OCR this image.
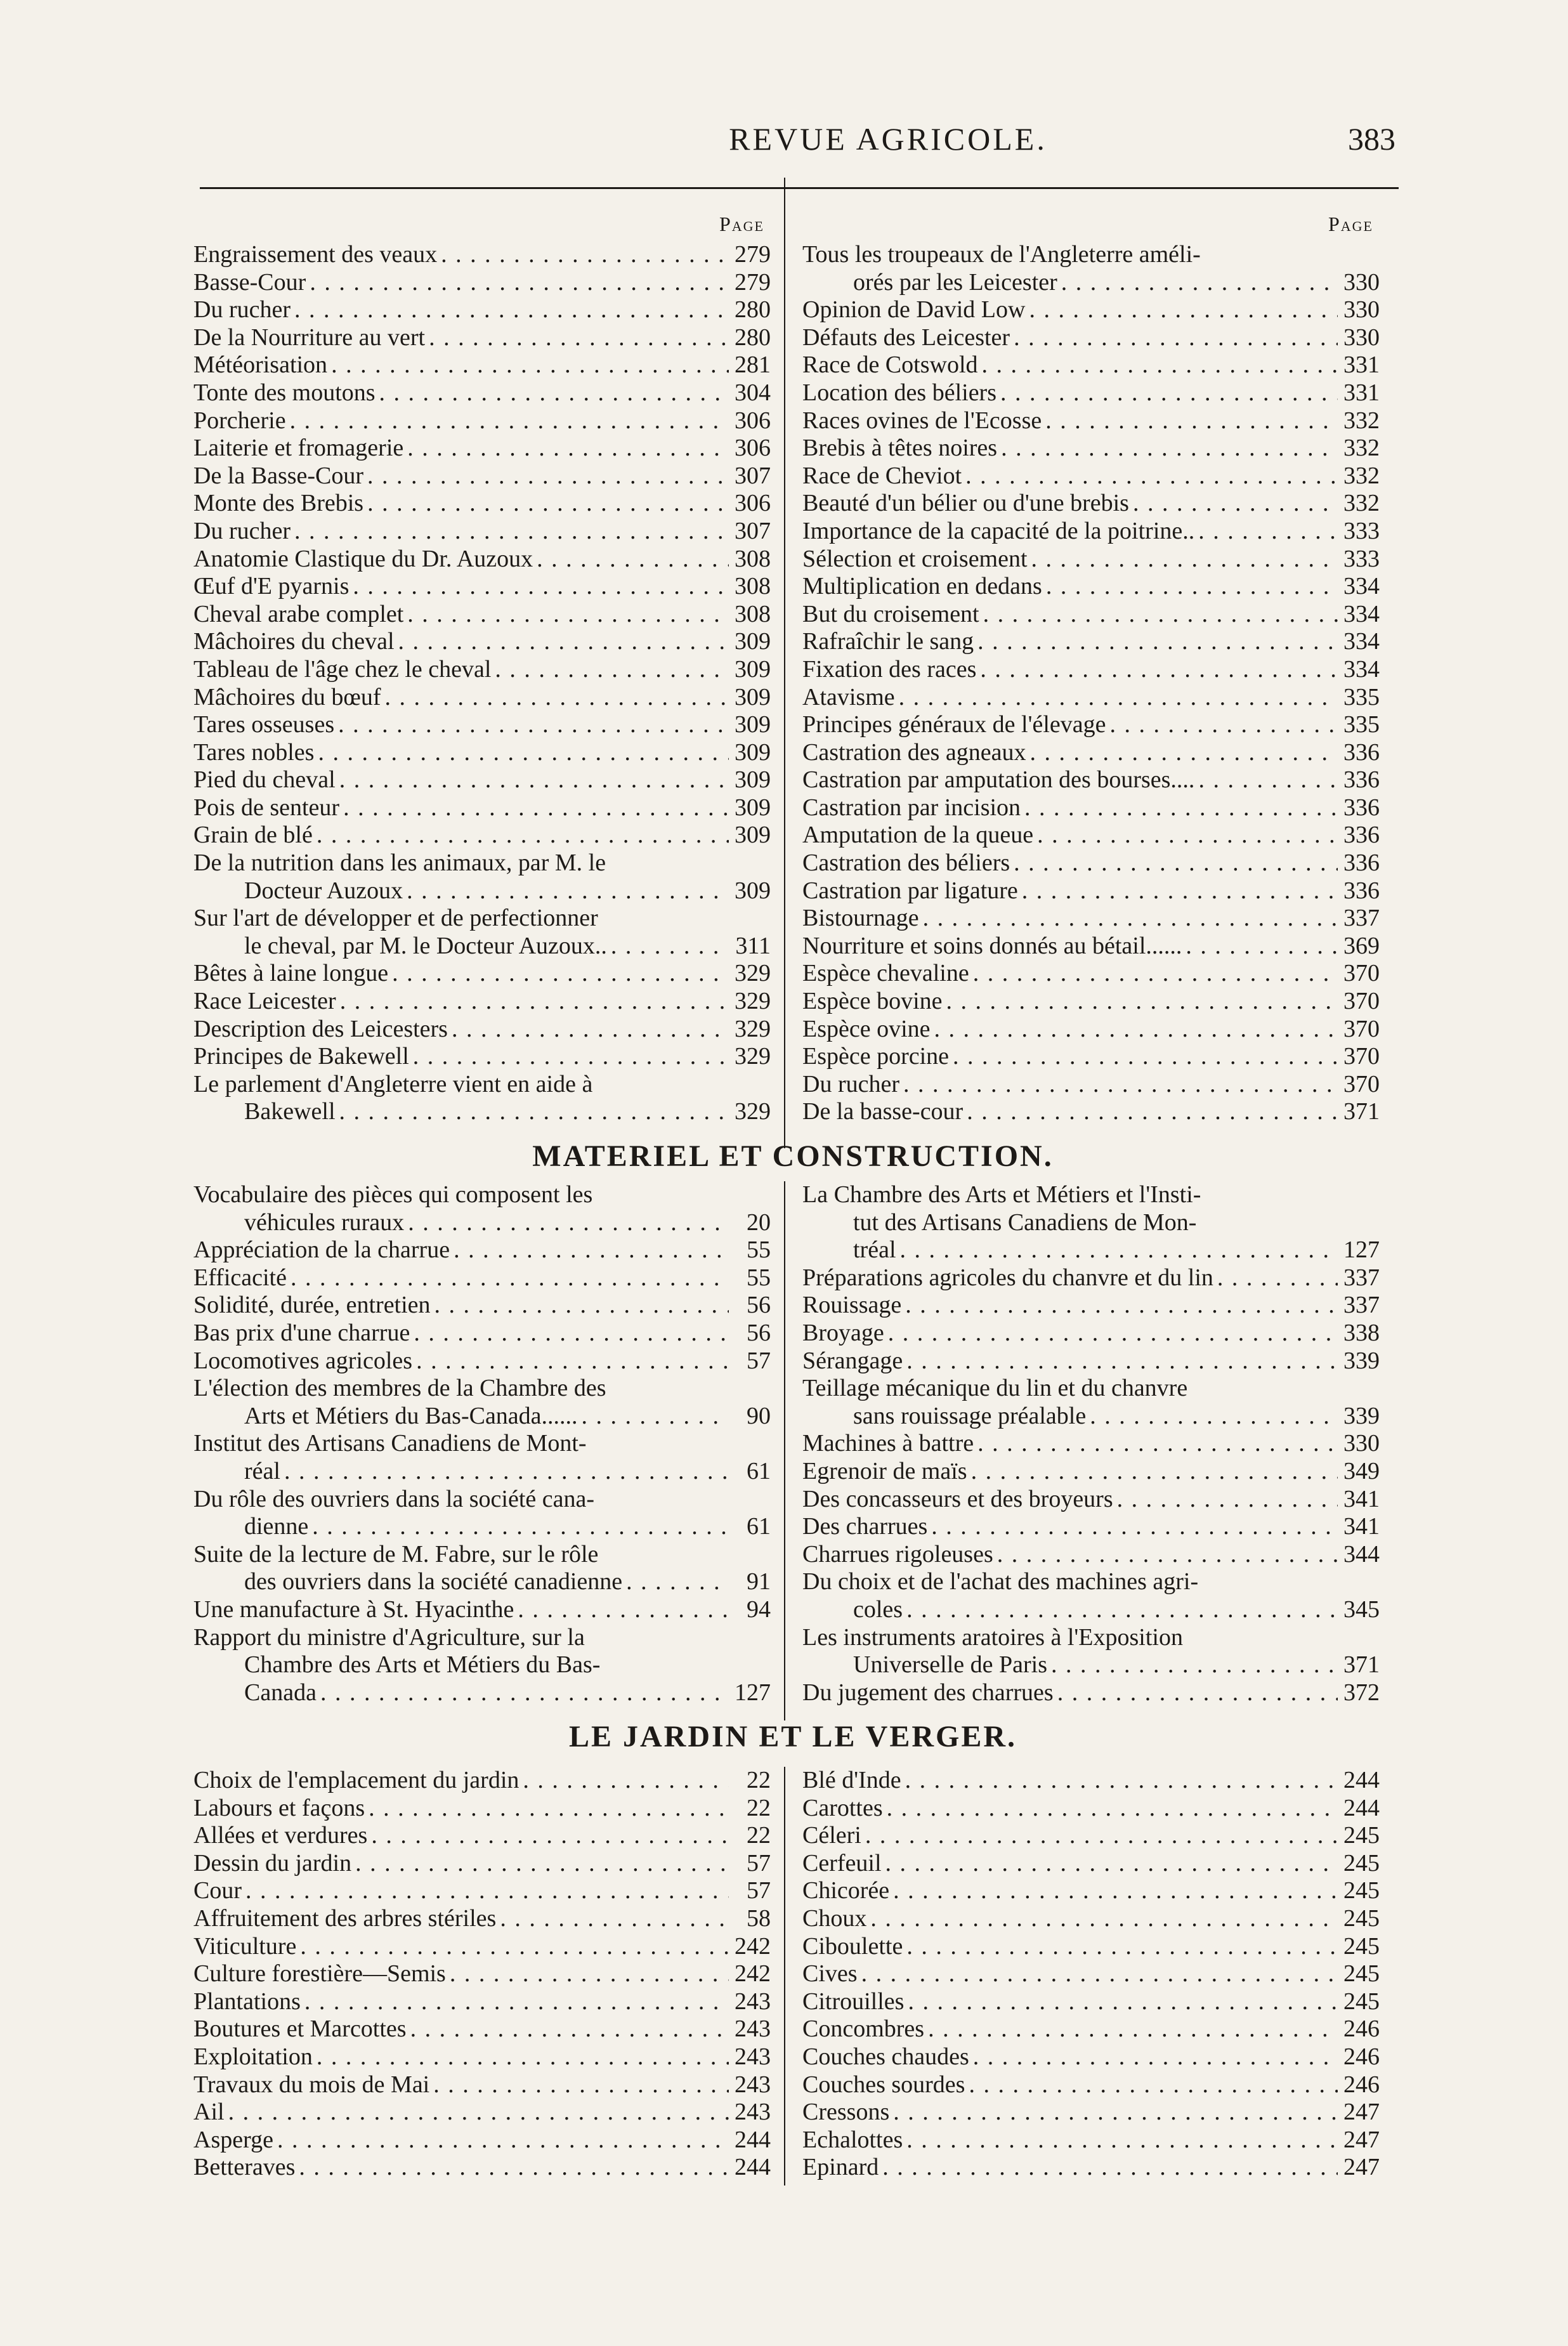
REVUE AGRICOLE.	383
Page
Engraissement des veaux . . .	279
Basse-Cour . . .	279
Du rucher . . .	280
De la Nourriture au vert . . .	280
Météorisation . . .	281
Tonte des moutons . . .	304
Porcherie . . .	306
Laiterie et fromagerie . . .	306
De la Basse-Cour . . .	307
Monte des Brebis . . .	306
Du rucher . . .	307
Anatomie Clastique du Dr. Auzoux . . .	308
Œuf d'E pyarnis . . .	308
Cheval arabe complet . . .	308
Mâchoires du cheval . . .	309
Tableau de l'âge chez le cheval . . .	309
Mâchoires du bœuf . . .	309
Tares osseuses . . .	309
Tares nobles . . .	309
Pied du cheval . . .	309
Pois de senteur . . .	309
Grain de blé . . .	309
De la nutrition dans les animaux, par M. le
Docteur Auzoux . . .	309
Sur l'art de développer et de perfectionner
le cheval, par M. le Docteur Auzoux.. . . .	311
Bêtes à laine longue . . .	329
Race Leicester . . .	329
Description des Leicesters . . .	329
Principes de Bakewell . . .	329
Le parlement d'Angleterre vient en aide à
Bakewell . . .	329
Page
Tous les troupeaux de l'Angleterre améli-
orés par les Leicester . . .	330
Opinion de David Low . . .	330
Défauts des Leicester . . .	330
Race de Cotswold . . .	331
Location des béliers . . .	331
Races ovines de l'Ecosse . . .	332
Brebis à têtes noires . . .	332
Race de Cheviot . . .	332
Beauté d'un bélier ou d'une brebis . . .	332
Importance de la capacité de la poitrine.. . . .	333
Sélection et croisement . . .	333
Multiplication en dedans . . .	334
But du croisement . . .	334
Rafraîchir le sang . . .	334
Fixation des races . . .	334
Atavisme . . .	335
Principes généraux de l'élevage . . .	335
Castration des agneaux . . .	336
Castration par amputation des bourses.... . . .	336
Castration par incision . . .	336
Amputation de la queue . . .	336
Castration des béliers . . .	336
Castration par ligature . . .	336
Bistournage . . .	337
Nourriture et soins donnés au bétail...... . . .	369
Espèce chevaline . . .	370
Espèce bovine . . .	370
Espèce ovine . . .	370
Espèce porcine . . .	370
Du rucher . . .	370
De la basse-cour . . .	371
MATERIEL ET CONSTRUCTION.
Vocabulaire des pièces qui composent les
véhicules ruraux . . .	20
Appréciation de la charrue . . .	55
Efficacité . . .	55
Solidité, durée, entretien . . .	56
Bas prix d'une charrue . . .	56
Locomotives agricoles . . .	57
L'élection des membres de la Chambre des
Arts et Métiers du Bas-Canada...... . . .	90
Institut des Artisans Canadiens de Mont-
réal . . .	61
Du rôle des ouvriers dans la société cana-
dienne . . .	61
Suite de la lecture de M. Fabre, sur le rôle
des ouvriers dans la société canadienne . . .	91
Une manufacture à St. Hyacinthe . . .	94
Rapport du ministre d'Agriculture, sur la
Chambre des Arts et Métiers du Bas-
Canada . . .	127
La Chambre des Arts et Métiers et l'Insti-
tut des Artisans Canadiens de Mon-
tréal . . .	127
Préparations agricoles du chanvre et du lin . . .	337
Rouissage . . .	337
Broyage . . .	338
Sérangage . . .	339
Teillage mécanique du lin et du chanvre
sans rouissage préalable . . .	339
Machines à battre . . .	330
Egrenoir de maïs . . .	349
Des concasseurs et des broyeurs . . .	341
Des charrues . . .	341
Charrues rigoleuses . . .	344
Du choix et de l'achat des machines agri-
coles . . .	345
Les instruments aratoires à l'Exposition
Universelle de Paris . . .	371
Du jugement des charrues . . .	372
LE JARDIN ET LE VERGER.
Choix de l'emplacement du jardin . . .	22
Labours et façons . . .	22
Allées et verdures . . .	22
Dessin du jardin . . .	57
Cour . . .	57
Affruitement des arbres stériles . . .	58
Viticulture . . .	242
Culture forestière—Semis . . .	242
Plantations . . .	243
Boutures et Marcottes . . .	243
Exploitation . . .	243
Travaux du mois de Mai . . .	243
Ail . . .	243
Asperge . . .	244
Betteraves . . .	244
Blé d'Inde . . .	244
Carottes . . .	244
Céleri . . .	245
Cerfeuil . . .	245
Chicorée . . .	245
Choux . . .	245
Ciboulette . . .	245
Cives . . .	245
Citrouilles . . .	245
Concombres . . .	246
Couches chaudes . . .	246
Couches sourdes . . .	246
Cressons . . .	247
Echalottes . . .	247
Epinard . . .	247
